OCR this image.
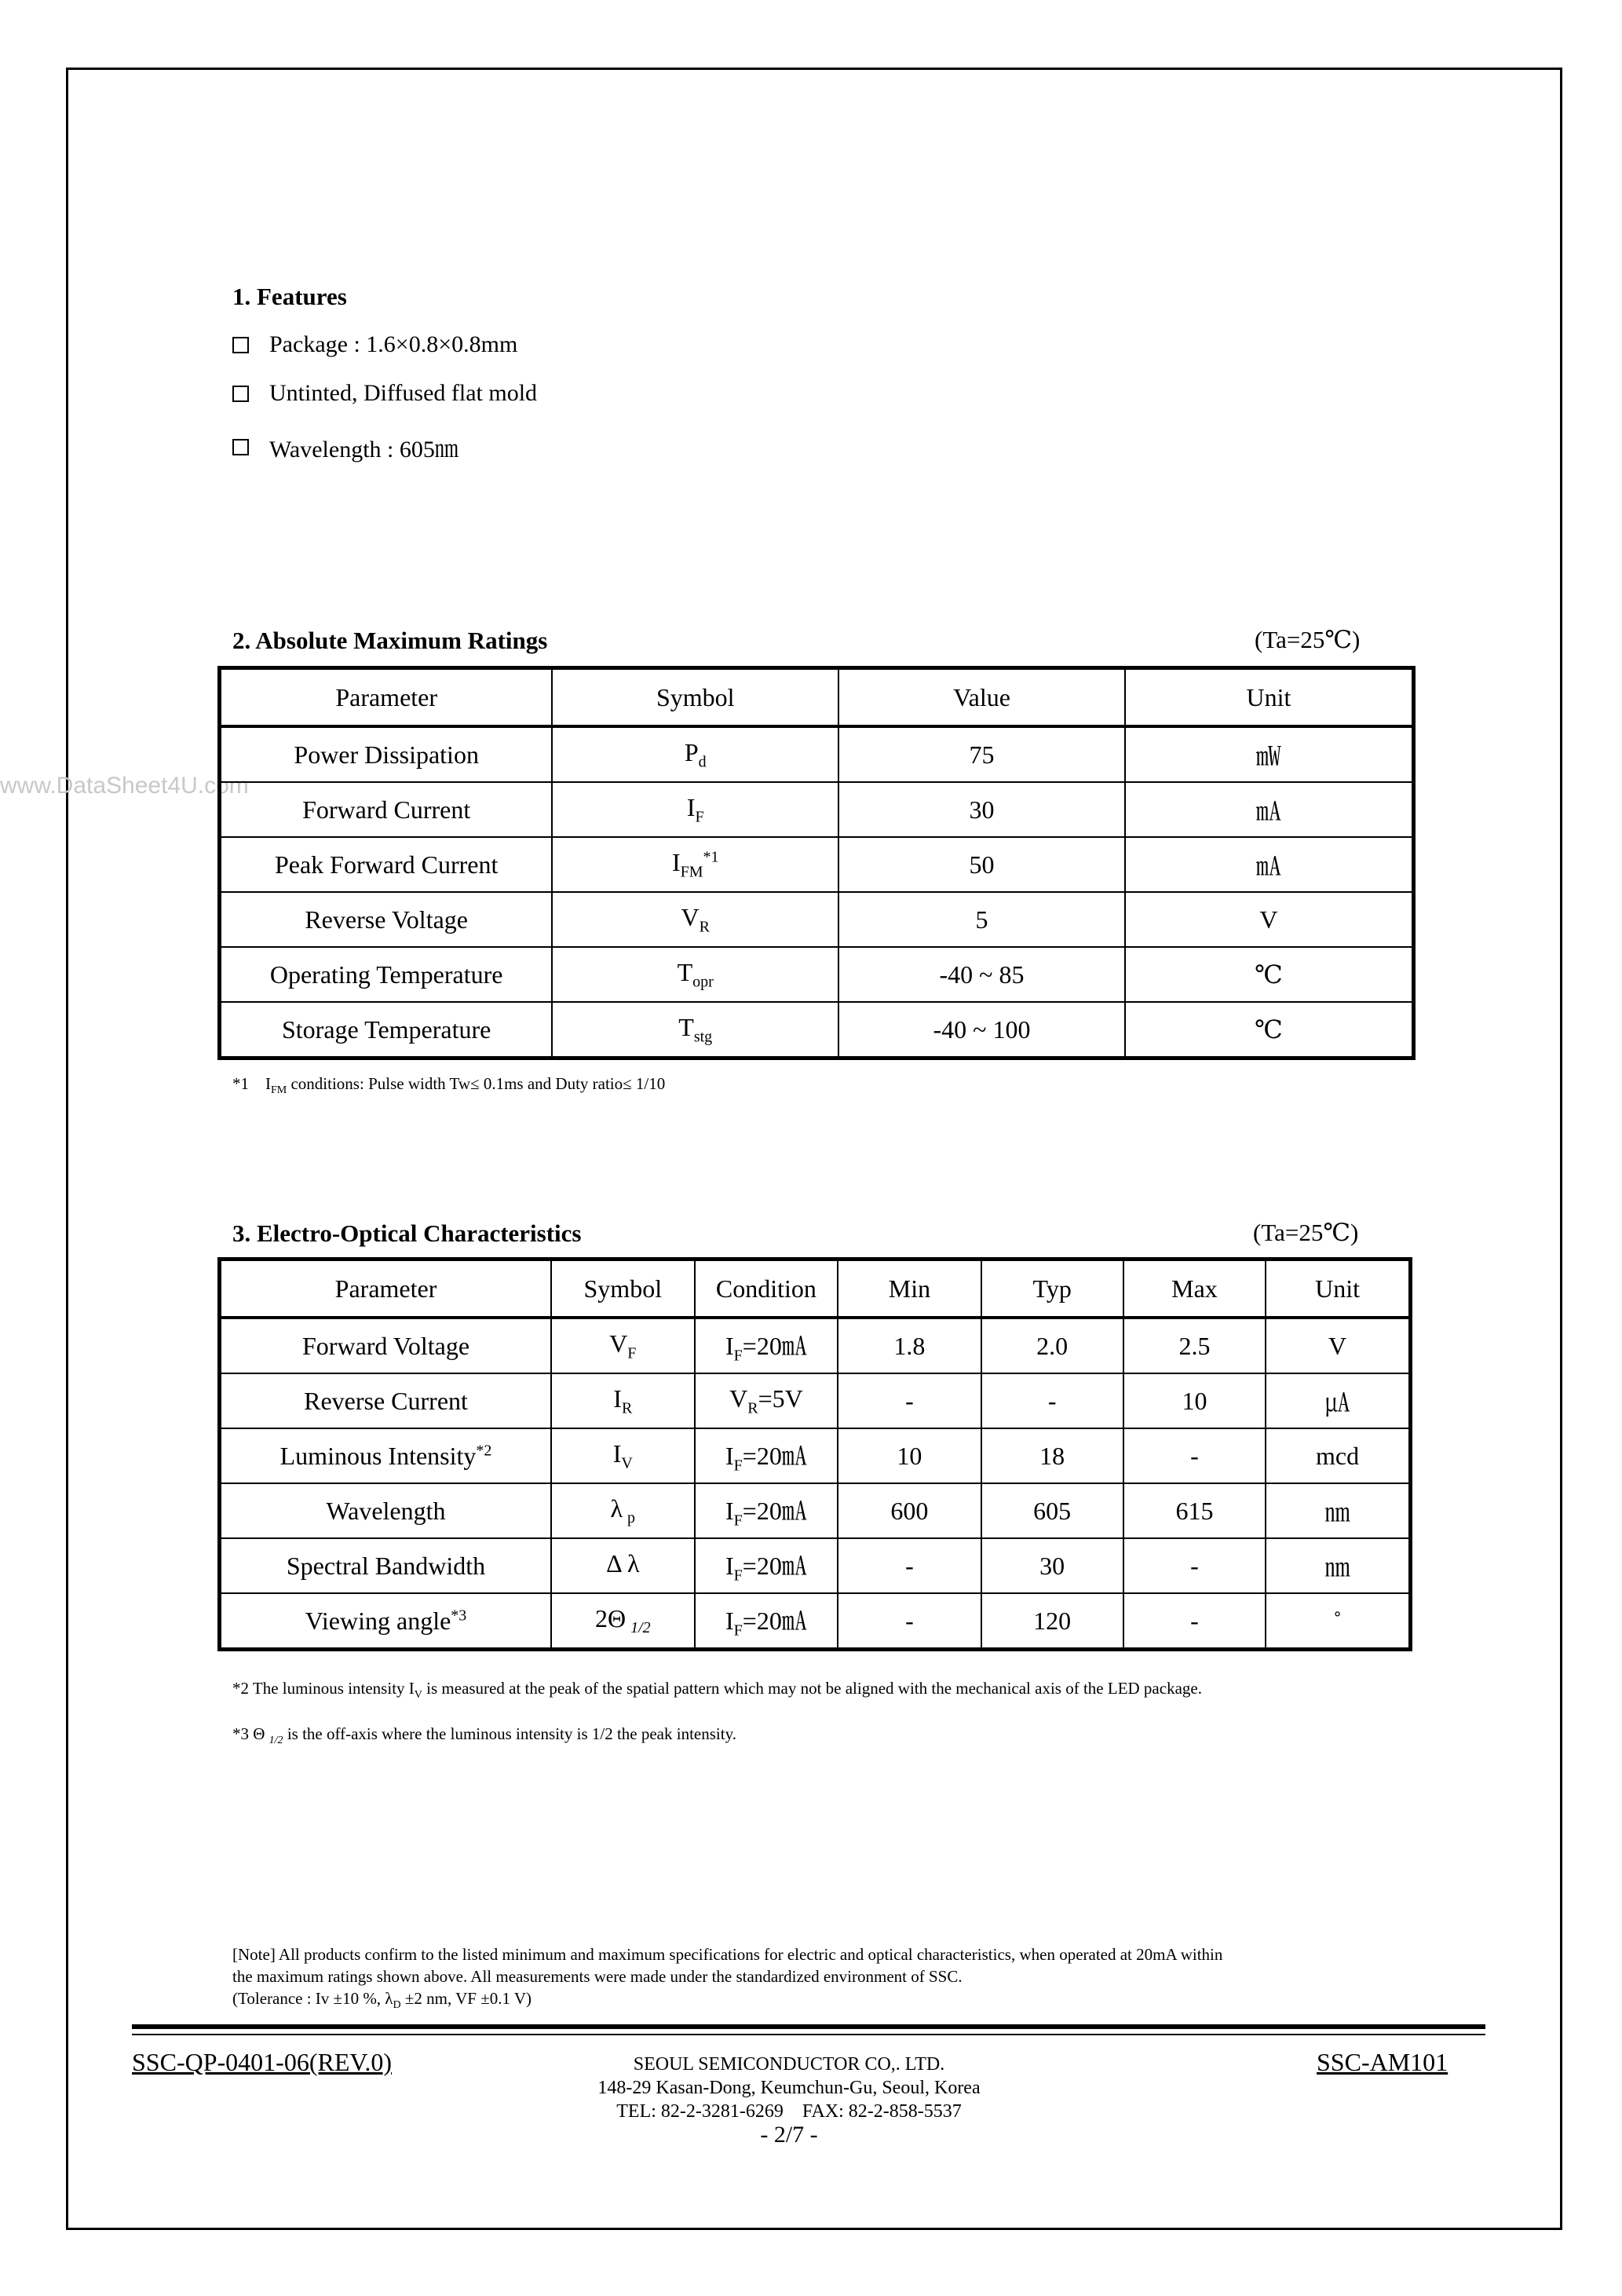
www.DataSheet4U.com
1. Features
Package : 1.6×0.8×0.8mm
Untinted, Diffused flat mold
Wavelength : 605㎚
2. Absolute Maximum Ratings	(Ta=25℃)
Parameter	Symbol	Value	Unit
Power Dissipation	$P_d$	75	㎽
Forward Current	$I_F$	30	㎃
Peak Forward Current	$I_{FM}^{*1}$	50	㎃
Reverse Voltage	$V_R$	5	V
Operating Temperature	$T_{opr}$	-40 ~ 85	℃
Storage Temperature	$T_{stg}$	-40 ~ 100	℃
*1 $I_{FM}$ conditions: Pulse width Tw≤ 0.1ms and Duty ratio≤ 1/10
3. Electro-Optical Characteristics	(Ta=25℃)
Parameter	Symbol	Condition	Min	Typ	Max	Unit
Forward Voltage	$V_F$	$I_F=20㎃$	1.8	2.0	2.5	V
Reverse Current	$I_R$	$V_R=5V$	-	-	10	㎂
Luminous Intensity$^{*2}$	$I_V$	$I_F=20㎃$	10	18	-	mcd
Wavelength	λ $_p$	$I_F=20㎃$	600	605	615	㎚
Spectral Bandwidth	Δ λ	$I_F=20㎃$	-	30	-	㎚
Viewing angle$^{*3}$	2Θ $_{1/2}$	$I_F=20㎃$	-	120	-	˚
*2 The luminous intensity $I_V$ is measured at the peak of the spatial pattern which may not be aligned with the mechanical axis of the LED package.
*3 Θ $_{1/2}$ is the off-axis where the luminous intensity is 1/2 the peak intensity.
[Note] All products confirm to the listed minimum and maximum specifications for electric and optical characteristics, when operated at 20mA within
the maximum ratings shown above. All measurements were made under the standardized environment of SSC.
(Tolerance : Iv ±10 %, $\lambda_D \pm 2$ nm, VF ±0.1 V)
SSC-QP-0401-06(REV.0)	SEOUL SEMICONDUCTOR CO,. LTD.
148-29 Kasan-Dong, Keumchun-Gu, Seoul, Korea
TEL: 82-2-3281-6269    FAX: 82-2-858-5537
- 2/7 -
SSC-AM101
